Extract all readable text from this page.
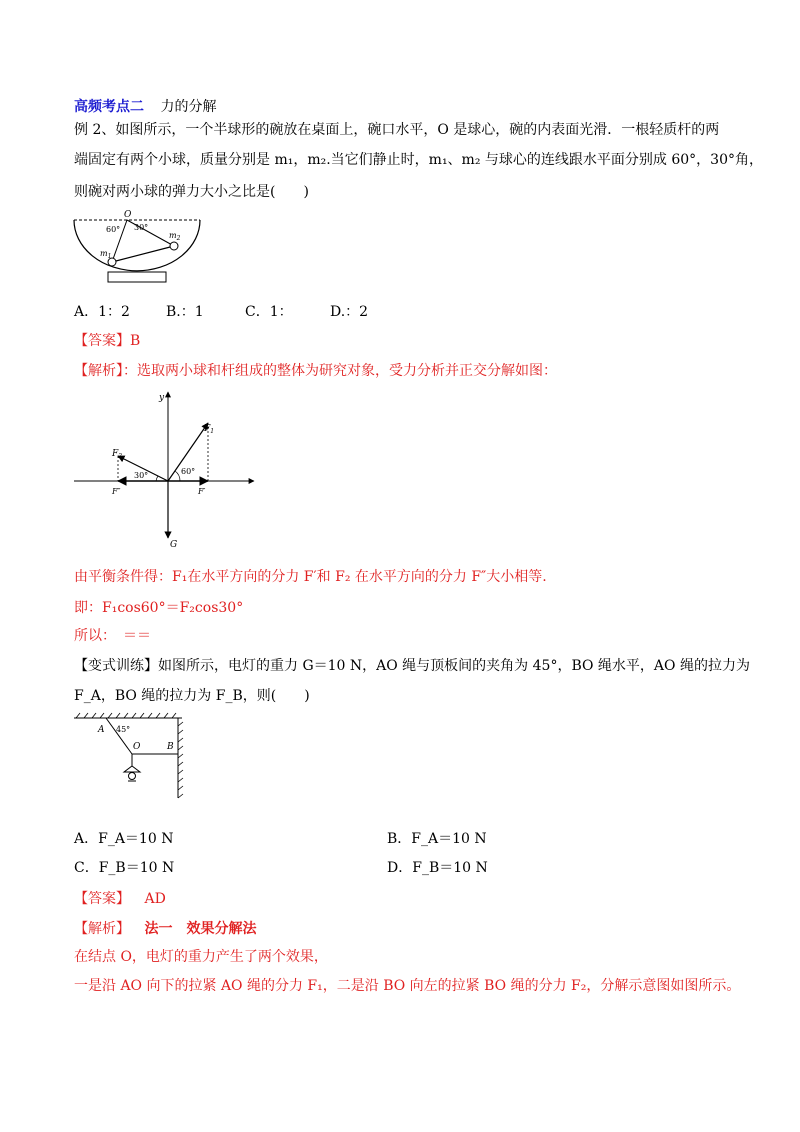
高频考点二 力的分解
例 2、如图所示，一个半球形的碗放在桌面上，碗口水平，O 是球心，碗的内表面光滑．一根轻质杆的两
端固定有两个小球，质量分别是 m₁，m₂.当它们静止时，m₁、m₂ 与球心的连线跟水平面分别成 60°，30°角，
则碗对两小球的弹力大小之比是(　　)
O
60° 30°
$m_1$
$m_2$
A．1：2	B.：1	C．1：	D.：2
【答案】B
【解析】：选取两小球和杆组成的整体为研究对象，受力分析并正交分解如图：
y
$F_1$
$F_2$
F″	F′
G
30°	60°
由平衡条件得：F₁在水平方向的分力 F′和 F₂ 在水平方向的分力 F″大小相等.
即：F₁cos60°＝F₂cos30°
所以：　＝＝
【变式训练】如图所示，电灯的重力 G＝10 N，AO 绳与顶板间的夹角为 45°，BO 绳水平，AO 绳的拉力为
F_A，BO 绳的拉力为 F_B，则(　　)
A 45°
O	B
A．F_A＝10 N	B．F_A＝10 N
C．F_B＝10 N	D．F_B＝10 N
【答案】 AD
【解析】 法一　效果分解法
在结点 O，电灯的重力产生了两个效果，
一是沿 AO 向下的拉紧 AO 绳的分力 F₁，二是沿 BO 向左的拉紧 BO 绳的分力 F₂，分解示意图如图所示。
